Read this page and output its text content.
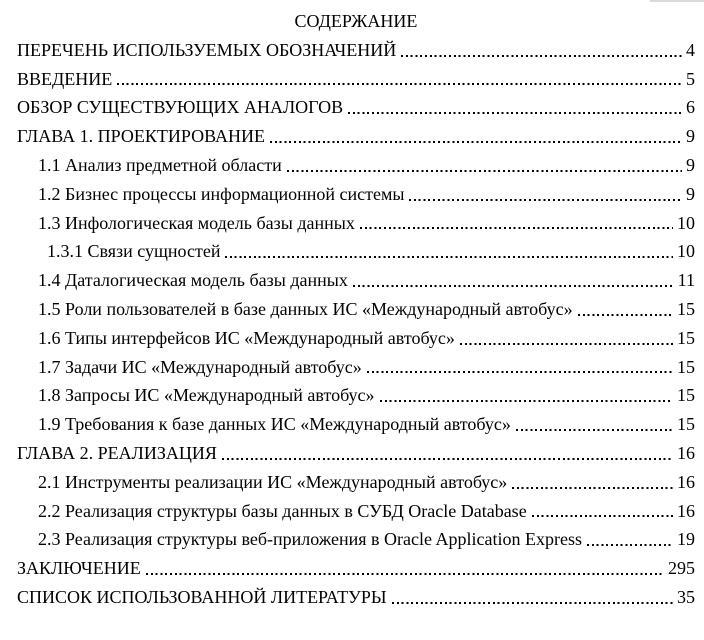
СОДЕРЖАНИЕ
ПЕРЕЧЕНЬ ИСПОЛЬЗУЕМЫХ ОБОЗНАЧЕНИЙ	4
ВВЕДЕНИЕ	5
ОБЗОР СУЩЕСТВУЮЩИХ АНАЛОГОВ	6
ГЛАВА 1. ПРОЕКТИРОВАНИЕ	9
1.1 Анализ предметной области	9
1.2 Бизнес процессы информационной системы	9
1.3 Инфологическая модель базы данных	10
1.3.1 Связи сущностей	10
1.4 Даталогическая модель базы данных	11
1.5 Роли пользователей в базе данных ИС «Международный автобус»	15
1.6 Типы интерфейсов ИС «Международный автобус»	15
1.7 Задачи ИС «Международный автобус»	15
1.8 Запросы ИС «Международный автобус»	15
1.9 Требования к базе данных ИС «Международный автобус»	15
ГЛАВА 2. РЕАЛИЗАЦИЯ	16
2.1 Инструменты реализации ИС «Международный автобус»	16
2.2 Реализация структуры базы данных в СУБД Oracle Database	16
2.3 Реализация структуры веб-приложения в Oracle Application Express	19
ЗАКЛЮЧЕНИЕ	295
СПИСОК ИСПОЛЬЗОВАННОЙ ЛИТЕРАТУРЫ	35
